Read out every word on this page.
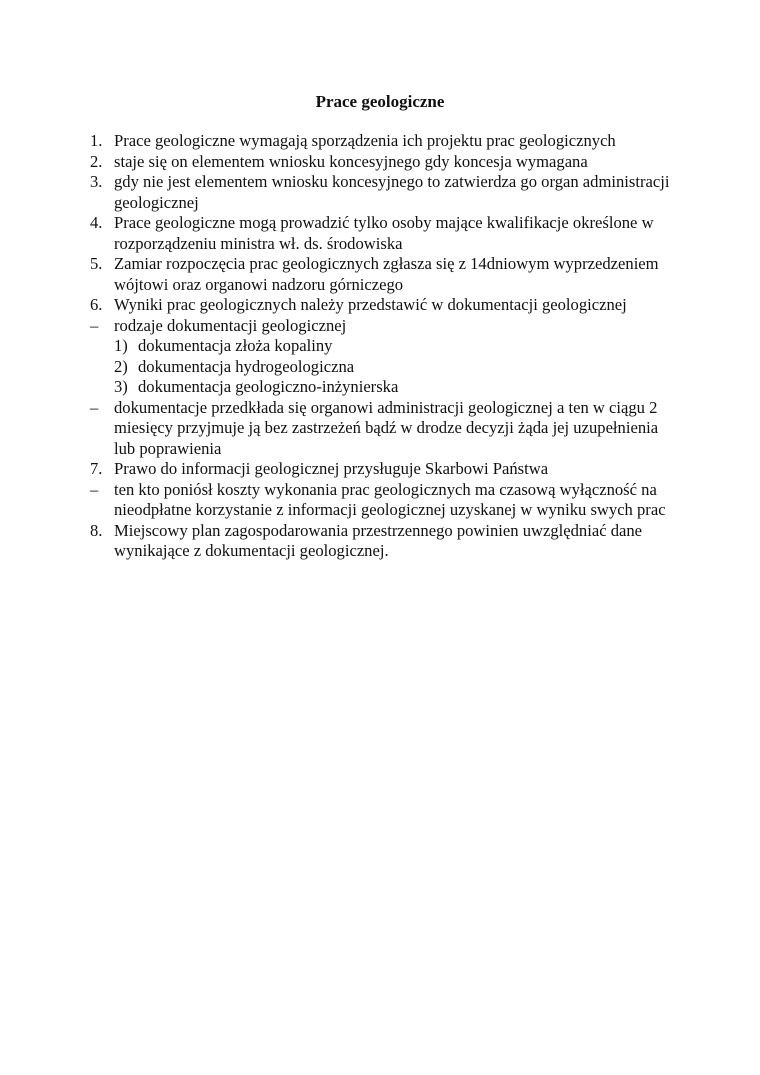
Prace geologiczne
1. Prace geologiczne wymagają sporządzenia ich projektu prac geologicznych
2. staje się on elementem wniosku koncesyjnego gdy koncesja wymagana
3. gdy nie jest elementem wniosku koncesyjnego to zatwierdza go organ administracji geologicznej
4. Prace geologiczne mogą prowadzić tylko osoby mające kwalifikacje określone w rozporządzeniu ministra wł. ds. środowiska
5. Zamiar rozpoczęcia prac geologicznych zgłasza się z 14dniowym wyprzedzeniem wójtowi oraz organowi nadzoru górniczego
6. Wyniki prac geologicznych należy przedstawić w dokumentacji geologicznej
– rodzaje dokumentacji geologicznej
1) dokumentacja złoża kopaliny
2) dokumentacja hydrogeologiczna
3) dokumentacja geologiczno-inżynierska
– dokumentacje przedkłada się organowi administracji geologicznej a ten w ciągu 2 miesięcy przyjmuje ją bez zastrzeżeń bądź w drodze decyzji żąda jej uzupełnienia lub poprawienia
7. Prawo do informacji geologicznej przysługuje Skarbowi Państwa
– ten kto poniósł koszty wykonania prac geologicznych ma czasową wyłączność na nieodpłatne korzystanie z informacji geologicznej uzyskanej w wyniku swych prac
8. Miejscowy plan zagospodarowania przestrzennego powinien uwzględniać dane wynikające z dokumentacji geologicznej.
